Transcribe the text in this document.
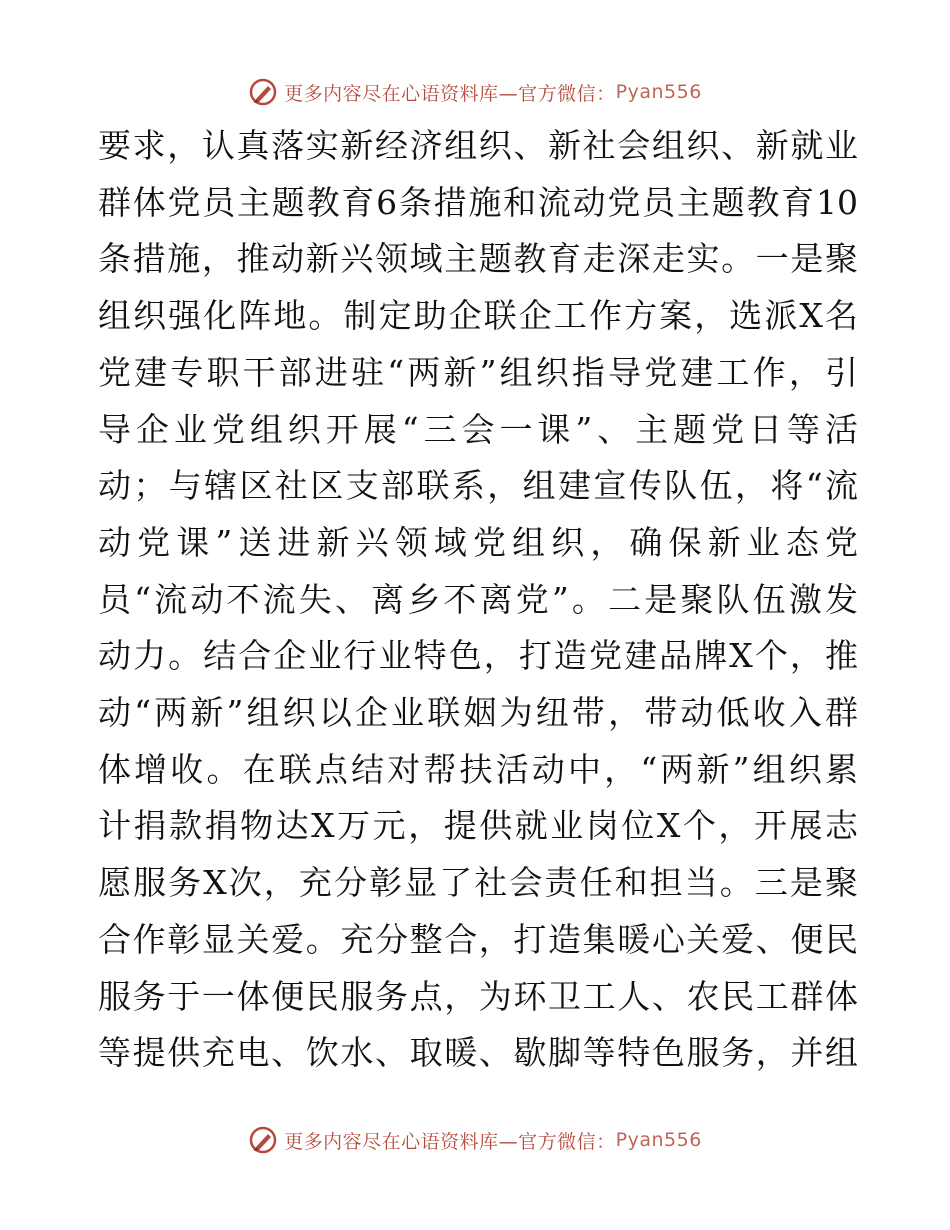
更多内容尽在心语资料库—官方微信： Pyan556
要求，认真落实新经济组织、新社会组织、新就业
群体党员主题教育6条措施和流动党员主题教育10
条措施，推动新兴领域主题教育走深走实。一是聚
组织强化阵地。制定助企联企工作方案，选派X名
党建专职干部进驻“两新”组织指导党建工作，引
导企业党组织开展“三会一课”、主题党日等活
动；与辖区社区支部联系，组建宣传队伍，将“流
动党课”送进新兴领域党组织，确保新业态党
员“流动不流失、离乡不离党”。二是聚队伍激发
动力。结合企业行业特色，打造党建品牌X个，推
动“两新”组织以企业联姻为纽带，带动低收入群
体增收。在联点结对帮扶活动中，“两新”组织累
计捐款捐物达X万元，提供就业岗位X个，开展志
愿服务X次，充分彰显了社会责任和担当。三是聚
合作彰显关爱。充分整合，打造集暖心关爱、便民
服务于一体便民服务点，为环卫工人、农民工群体
等提供充电、饮水、取暖、歇脚等特色服务，并组
更多内容尽在心语资料库—官方微信： Pyan556
